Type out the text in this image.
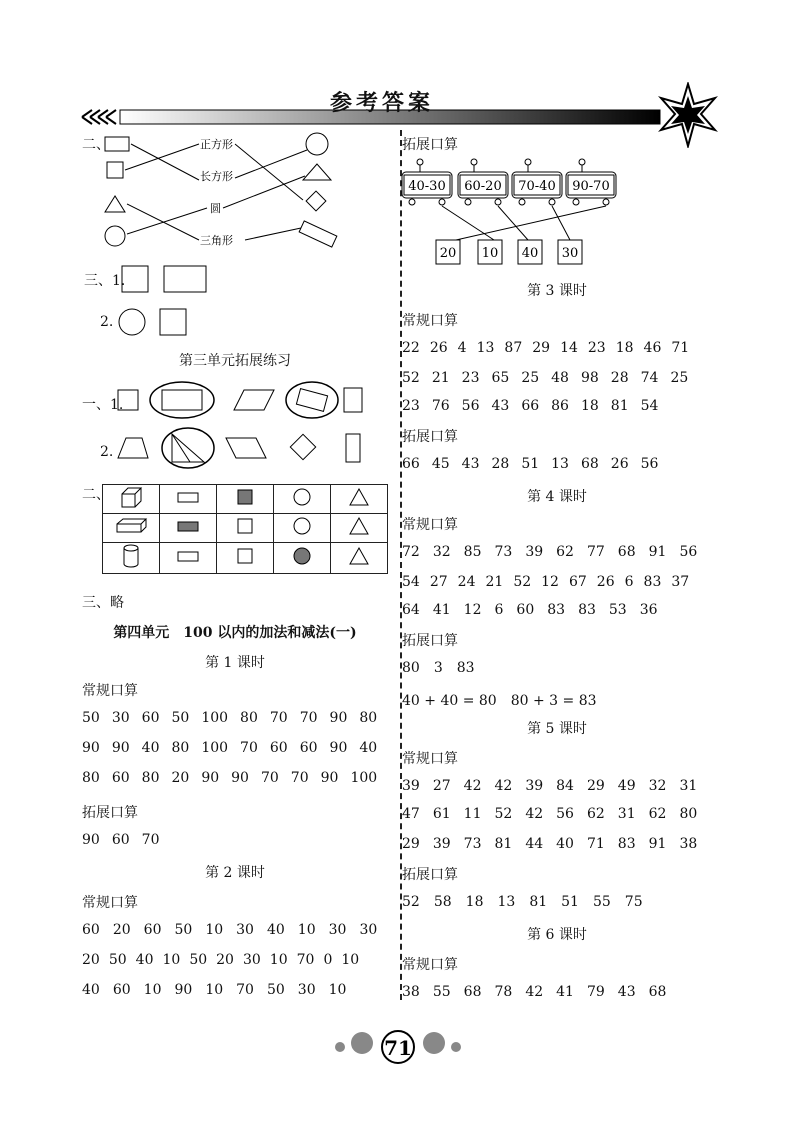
参考答案
二、	正方形
长方形
圆
三角形
三、1.
2.
第三单元拓展练习
一、1.
2.
二、

三、略
第四单元　100 以内的加法和减法(一)
第 1 课时
常规口算
50 30 60 50 100 80 70 70 90 80
90 90 40 80 100 70 60 60 90 40
80 60 80 20 90 90 70 70 90 100
拓展口算
90 60 70
第 2 课时
常规口算
60 20 60 50 10 30 40 10 30 30
20 50 40 10 50 20 30 10 70 0 10
40 60 10 90 10 70 50 30 10
拓展口算
40-30 60-20 70-40 90-70
20 10 40 30
第 3 课时
常规口算
22 26 4 13 87 29 14 23 18 46 71
52 21 23 65 25 48 98 28 74 25
23 76 56 43 66 86 18 81 54
拓展口算
66 45 43 28 51 13 68 26 56
第 4 课时
常规口算
72 32 85 73 39 62 77 68 91 56
54 27 24 21 52 12 67 26 6 83 37
64 41 12 6 60 83 83 53 36
拓展口算
80 3 83
40 + 40 = 80　80 + 3 = 83
第 5 课时
常规口算
39 27 42 42 39 84 29 49 32 31
47 61 11 52 42 56 62 31 62 80
29 39 73 81 44 40 71 83 91 38
拓展口算
52 58 18 13 81 51 55 75
第 6 课时
常规口算
38 55 68 78 42 41 79 43 68
71
